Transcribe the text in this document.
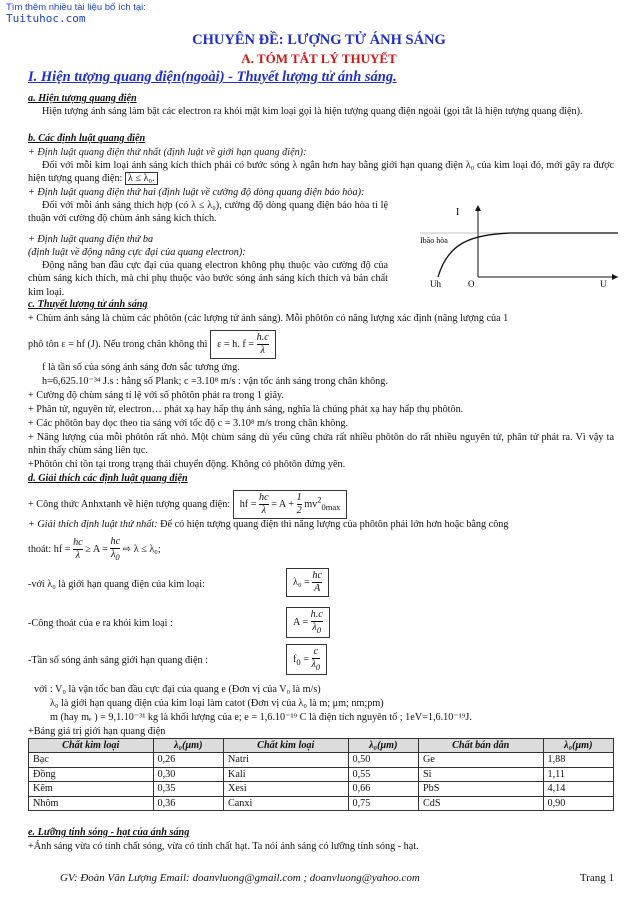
Tìm thêm nhiều tài liệu bổ ích tại:
Tuituhoc.com
CHUYÊN ĐỀ: LƯỢNG TỬ ÁNH SÁNG
A. TÓM TẮT LÝ THUYẾT
I. Hiện tượng quang điện(ngoài) - Thuyết lượng tử ánh sáng.
a. Hiện tượng quang điện
Hiện tượng ánh sáng làm bật các electron ra khỏi mặt kim loại gọi là hiện tượng quang điện ngoài (gọi tắt là hiện tượng quang điện).
b. Các định luật quang điện
+ Định luật quang điện thứ nhất (định luật về giới hạn quang điện):
Đối với mỗi kim loại ánh sáng kích thích phải có bước sóng λ ngắn hơn hay bằng giới hạn quang điện λ₀ của kim loại đó, mới gây ra được hiện tượng quang điện: λ ≤ λ₀.
+ Định luật quang điện thứ hai (định luật về cường độ dòng quang điện bảo hòa):
Đối với mỗi ánh sáng thích hợp (có λ ≤ λ₀), cường độ dòng quang điện bảo hòa tỉ lệ thuận với cường độ chùm ánh sáng kích thích.
+ Định luật quang điện thứ ba
(định luật về động năng cực đại của quang electron):
Động năng ban đầu cực đại của quang electron không phụ thuộc vào cường độ của chùm sáng kích thích, mà chỉ phụ thuộc vào bước sóng ánh sáng kích thích và bản chất kim loại.
I
Ibão hòa
Uh	O	U
c. Thuyết lượng tử ánh sáng
+ Chùm ánh sáng là chùm các phôtôn (các lượng tử ánh sáng). Mỗi phôtôn có năng lượng xác định (năng lượng của 1
phô tôn ε = hf (J). Nếu trong chân không thì ε = h. $f = \frac{h.c}{\lambda}$
f là tần số của sóng ánh sáng đơn sắc tương ứng.
h=6,625.10⁻³⁴ J.s : hằng số Plank; c =3.10⁸ m/s : vận tốc ánh sáng trong chân không.
+ Cường độ chùm sáng tỉ lệ với số phôtôn phát ra trong 1 giây.
+ Phân tử, nguyên tử, electron… phát xạ hay hấp thụ ánh sáng, nghĩa là chúng phát xạ hay hấp thụ phôtôn.
+ Các phôtôn bay dọc theo tia sáng với tốc độ c = 3.10⁸ m/s trong chân không.
+ Năng lượng của mỗi phôtôn rất nhỏ. Một chùm sáng dù yếu cũng chứa rất nhiều phôtôn do rất nhiều nguyên tử, phân tử phát ra. Vì vậy ta nhìn thấy chùm sáng liên tục.
+Phôtôn chỉ tồn tại trong trạng thái chuyển động. Không có phôtôn đứng yên.
d. Giải thích các định luật quang điện
+ Công thức Anhxtanh về hiện tượng quang điện: hf = $\frac{hc}{\lambda} = A + \frac{1}{2} mv^2_{0max}$
+ Giải thích định luật thứ nhất: Để có hiện tượng quang điện thì năng lượng của phôtôn phải lớn hơn hoặc bằng công
thoát: hf = $\frac{hc}{\lambda} \ge A = \frac{hc}{\lambda_0}$ ⇨ λ ≤ λ₀;
-với λ₀ là giới hạn quang điện của kim loại:	$\lambda_0 = \frac{hc}{A}$
-Công thoát của e ra khỏi kim loại :	$A = \frac{h.c}{\lambda_0}$
-Tần số sóng ánh sáng giới hạn quang điện :	$f_0 = \frac{c}{\lambda_0}$
với : V₀ là vận tốc ban đầu cực đại của quang e (Đơn vị của V₀ là m/s)
λ₀ là giới hạn quang điện của kim loại làm catot (Đơn vị của λ₀ là m; μm; nm;pm)
m (hay mₑ ) = 9,1.10⁻³¹ kg là khối lượng của e; e = 1,6.10⁻¹⁹ C là điện tích nguyên tố ; 1eV=1,6.10⁻¹⁹J.
+Bảng giá trị giới hạn quang điện
Chất kim loại	λ₀(μm)	Chất kim loại	λ₀(μm)	Chất bán dẫn	λ₀(μm)
Bạc	0,26	Natri	0,50	Ge	1,88
Đồng	0,30	Kali	0,55	Si	1,11
Kẽm	0,35	Xesi	0,66	PbS	4,14
Nhôm	0,36	Canxi	0,75	CdS	0,90
e. Lưỡng tính sóng - hạt của ánh sáng
+Ánh sáng vừa có tính chất sóng, vừa có tính chất hạt. Ta nói ánh sáng có lưỡng tính sóng - hạt.
GV: Đoàn Văn Lượng Email: doanvluong@gmail.com ; doanvluong@yahoo.com	Trang 1
